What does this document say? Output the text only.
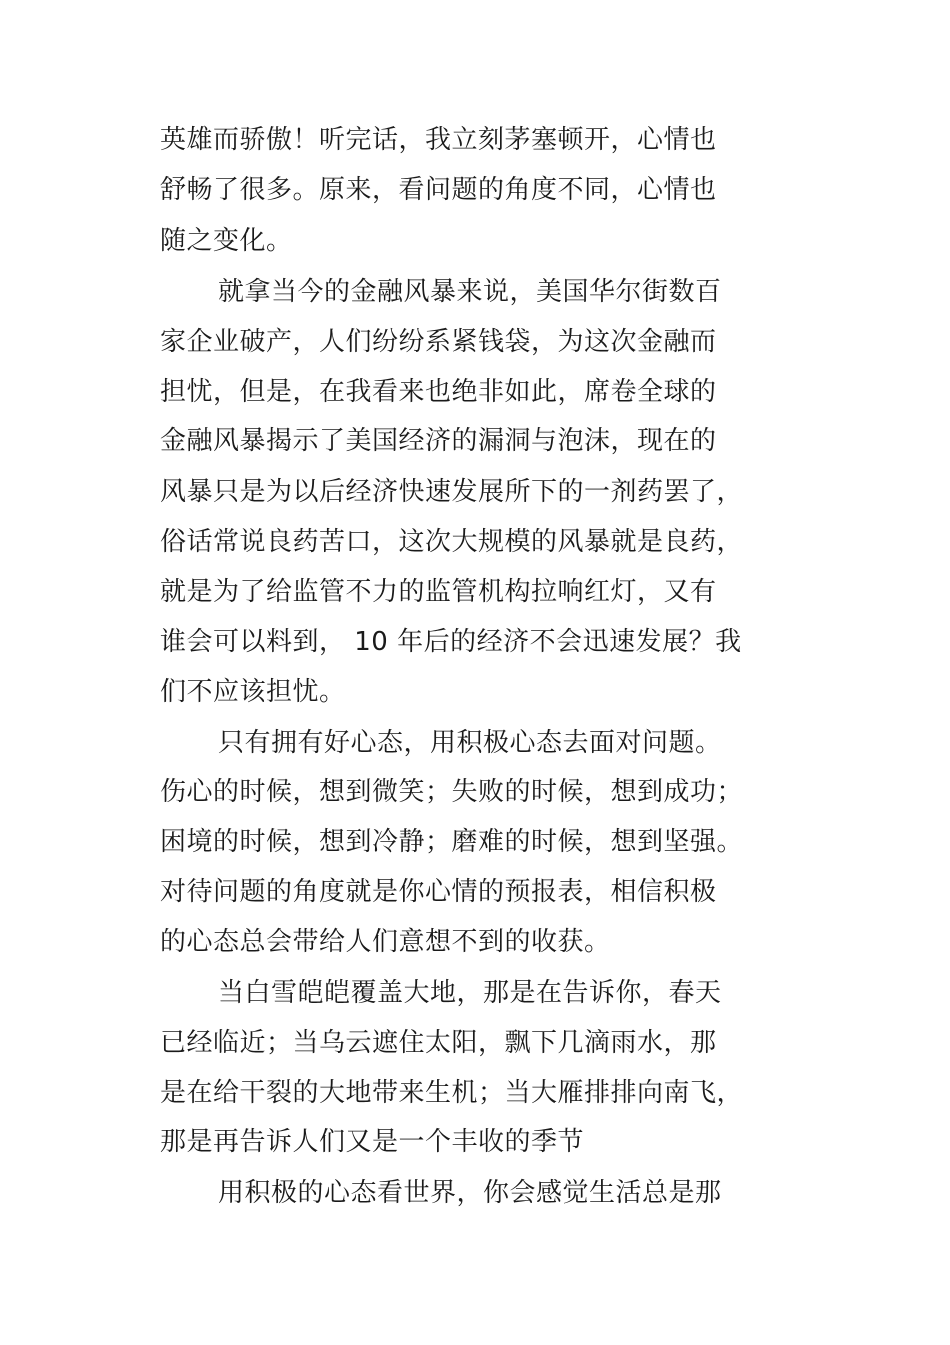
英雄而骄傲！听完话，我立刻茅塞顿开，心情也
舒畅了很多。原来，看问题的角度不同，心情也
随之变化。
就拿当今的金融风暴来说，美国华尔街数百
家企业破产，人们纷纷系紧钱袋，为这次金融而
担忧，但是，在我看来也绝非如此，席卷全球的
金融风暴揭示了美国经济的漏洞与泡沫，现在的
风暴只是为以后经济快速发展所下的一剂药罢了，
俗话常说良药苦口，这次大规模的风暴就是良药，
就是为了给监管不力的监管机构拉响红灯，又有
谁会可以料到， 10 年后的经济不会迅速发展？我
们不应该担忧。
只有拥有好心态，用积极心态去面对问题。
伤心的时候，想到微笑；失败的时候，想到成功；
困境的时候，想到冷静；磨难的时候，想到坚强。
对待问题的角度就是你心情的预报表，相信积极
的心态总会带给人们意想不到的收获。
当白雪皑皑覆盖大地，那是在告诉你，春天
已经临近；当乌云遮住太阳，飘下几滴雨水，那
是在给干裂的大地带来生机；当大雁排排向南飞，
那是再告诉人们又是一个丰收的季节
用积极的心态看世界，你会感觉生活总是那
